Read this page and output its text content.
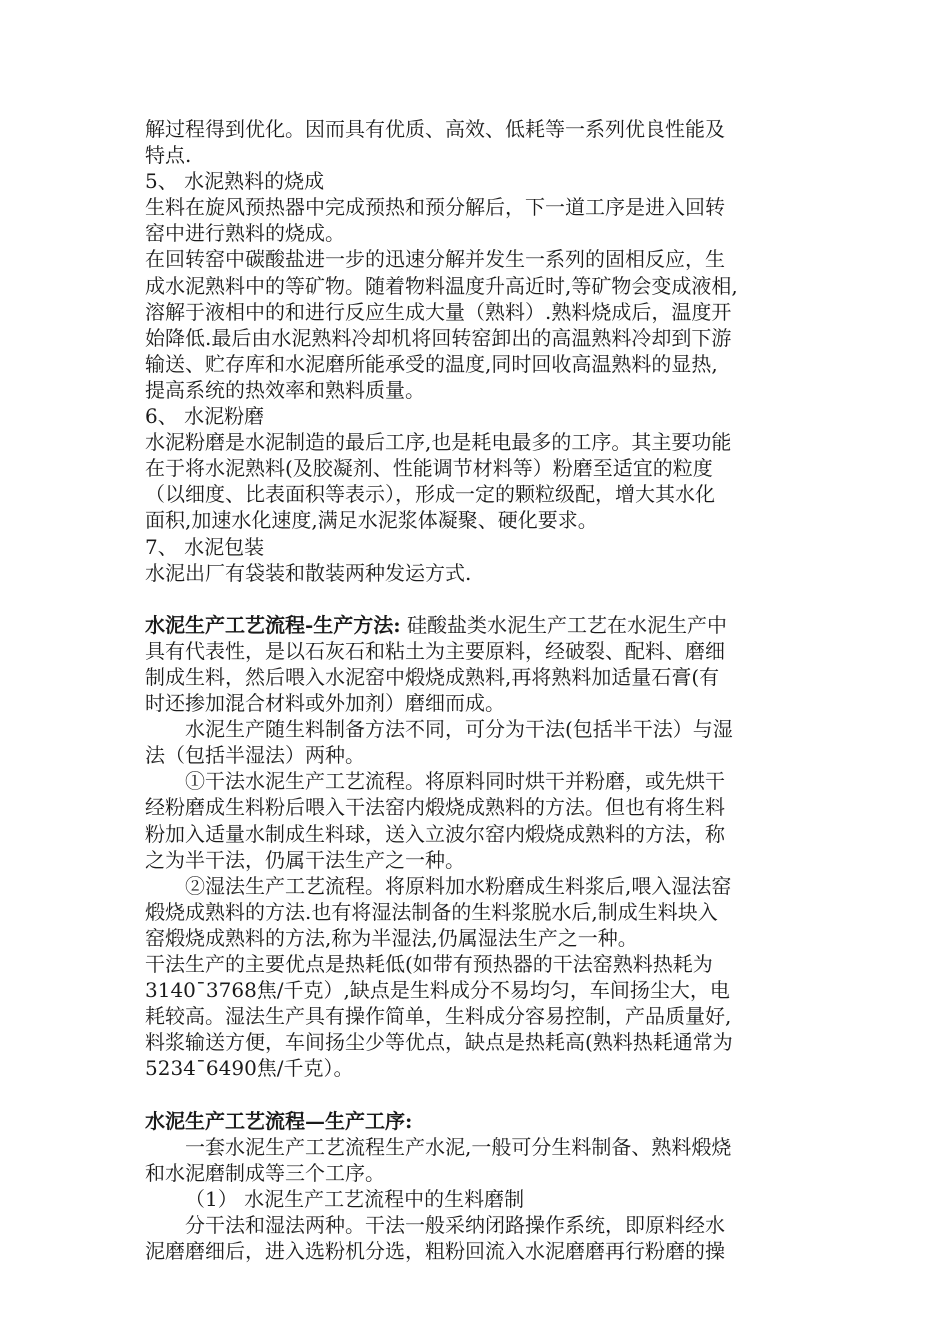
解过程得到优化。因而具有优质、高效、低耗等一系列优良性能及
特点.
5、 水泥熟料的烧成
生料在旋风预热器中完成预热和预分解后，下一道工序是进入回转
窑中进行熟料的烧成。
在回转窑中碳酸盐进一步的迅速分解并发生一系列的固相反应，生
成水泥熟料中的等矿物。随着物料温度升高近时,等矿物会变成液相,
溶解于液相中的和进行反应生成大量（熟料）.熟料烧成后，温度开
始降低.最后由水泥熟料冷却机将回转窑卸出的高温熟料冷却到下游
输送、贮存库和水泥磨所能承受的温度,同时回收高温熟料的显热,
提高系统的热效率和熟料质量。
6、 水泥粉磨
水泥粉磨是水泥制造的最后工序,也是耗电最多的工序。其主要功能
在于将水泥熟料(及胶凝剂、性能调节材料等）粉磨至适宜的粒度
（以细度、比表面积等表示），形成一定的颗粒级配，增大其水化
面积,加速水化速度,满足水泥浆体凝聚、硬化要求。
7、 水泥包装
水泥出厂有袋装和散装两种发运方式.
水泥生产工艺流程-生产方法: 硅酸盐类水泥生产工艺在水泥生产中
具有代表性，是以石灰石和粘土为主要原料，经破裂、配料、磨细
制成生料，然后喂入水泥窑中煅烧成熟料,再将熟料加适量石膏(有
时还掺加混合材料或外加剂）磨细而成。
水泥生产随生料制备方法不同，可分为干法(包括半干法）与湿
法（包括半湿法）两种。
①干法水泥生产工艺流程。将原料同时烘干并粉磨，或先烘干
经粉磨成生料粉后喂入干法窑内煅烧成熟料的方法。但也有将生料
粉加入适量水制成生料球，送入立波尔窑内煅烧成熟料的方法，称
之为半干法，仍属干法生产之一种。
②湿法生产工艺流程。将原料加水粉磨成生料浆后,喂入湿法窑
煅烧成熟料的方法.也有将湿法制备的生料浆脱水后,制成生料块入
窑煅烧成熟料的方法,称为半湿法,仍属湿法生产之一种。
干法生产的主要优点是热耗低(如带有预热器的干法窑熟料热耗为
3140¯3768焦/千克）,缺点是生料成分不易均匀，车间扬尘大，电
耗较高。湿法生产具有操作简单，生料成分容易控制，产品质量好,
料浆输送方便，车间扬尘少等优点，缺点是热耗高(熟料热耗通常为
5234¯6490焦/千克）。
水泥生产工艺流程—生产工序:
一套水泥生产工艺流程生产水泥,一般可分生料制备、熟料煅烧
和水泥磨制成等三个工序。
（1） 水泥生产工艺流程中的生料磨制
分干法和湿法两种。干法一般采纳闭路操作系统，即原料经水
泥磨磨细后，进入选粉机分选，粗粉回流入水泥磨磨再行粉磨的操
